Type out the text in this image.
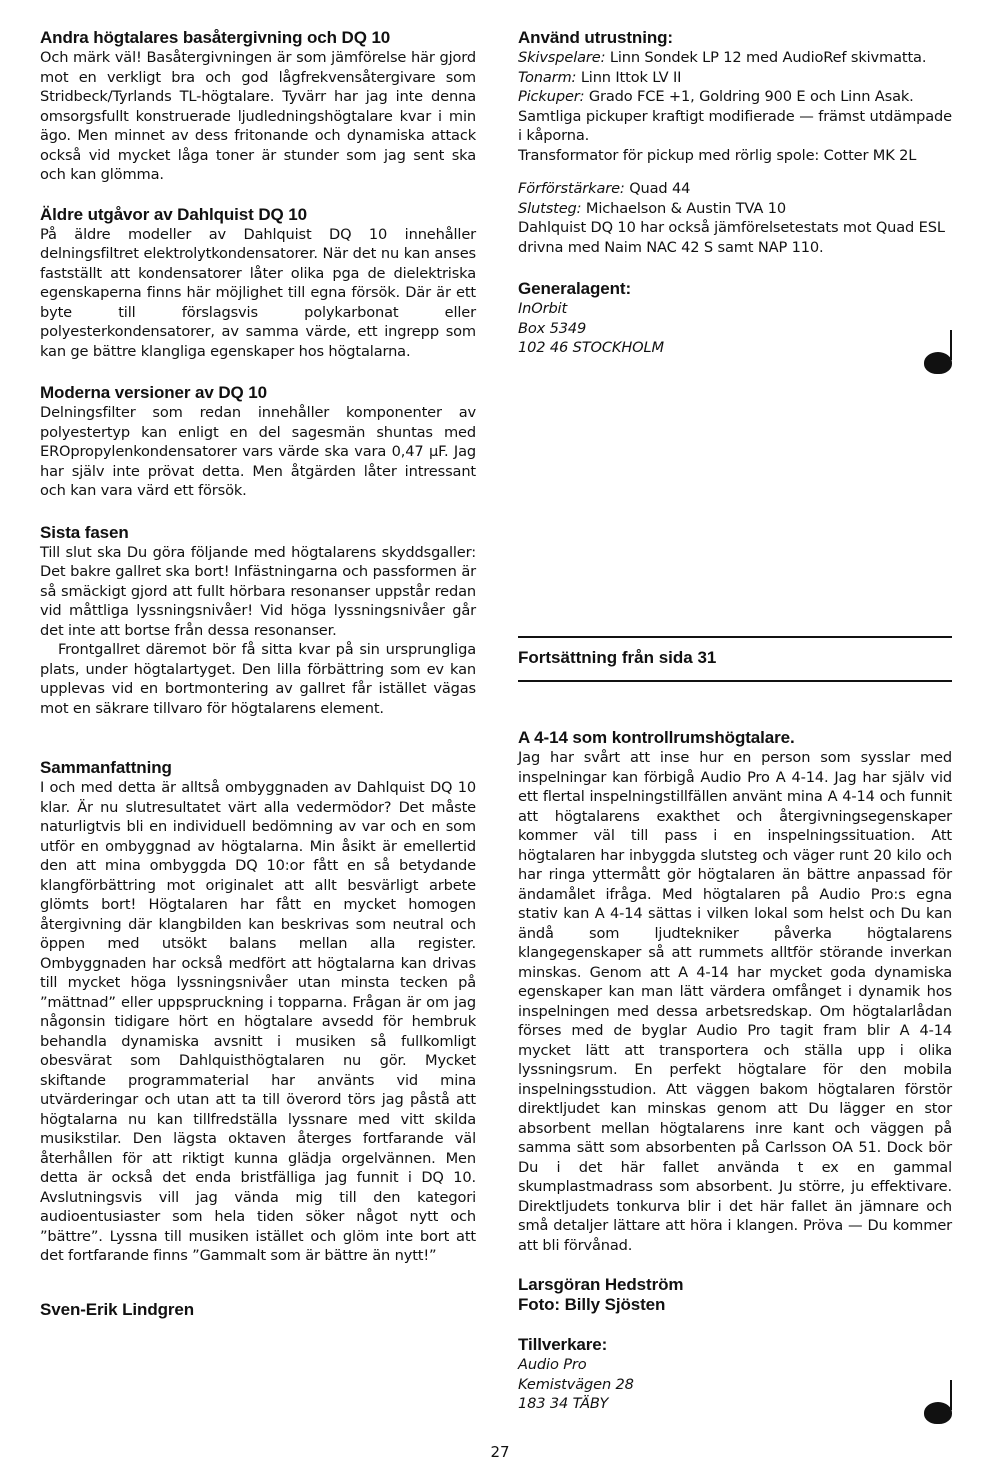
Andra högtalares basåtergivning och DQ 10

Och märk väl! Basåtergivningen är som jämförelse här gjord mot en verkligt bra och god lågfrekvensåtergivare som Stridbeck/Tyrlands TL-högtalare. Tyvärr har jag inte denna omsorgsfullt konstruerade ljudledningshögtalare kvar i min ägo. Men minnet av dess fritonande och dynamiska attack också vid mycket låga toner är stunder som jag sent ska och kan glömma.

Äldre utgåvor av Dahlquist DQ 10

På äldre modeller av Dahlquist DQ 10 innehåller delningsfiltret elektrolytkondensatorer. När det nu kan anses fastställt att kondensatorer låter olika pga de dielektriska egenskaperna finns här möjlighet till egna försök. Där är ett byte till förslagsvis polykarbonat eller polyesterkondensatorer, av samma värde, ett ingrepp som kan ge bättre klangliga egenskaper hos högtalarna.

Moderna versioner av DQ 10

Delningsfilter som redan innehåller komponenter av polyestertyp kan enligt en del sagesmän shuntas med EROpropylenkondensatorer vars värde ska vara 0,47 µF. Jag har själv inte prövat detta. Men åtgärden låter intressant och kan vara värd ett försök.

Sista fasen

Till slut ska Du göra följande med högtalarens skyddsgaller: Det bakre gallret ska bort! Infästningarna och passformen är så smäckigt gjord att fullt hörbara resonanser uppstår redan vid måttliga lyssningsnivåer! Vid höga lyssningsnivåer går det inte att bortse från dessa resonanser.

Frontgallret däremot bör få sitta kvar på sin ursprungliga plats, under högtalartyget. Den lilla förbättring som ev kan upplevas vid en bortmontering av gallret får istället vägas mot en säkrare tillvaro för högtalarens element.

Sammanfattning

I och med detta är alltså ombyggnaden av Dahlquist DQ 10 klar. Är nu slutresultatet värt alla vedermödor? Det måste naturligtvis bli en individuell bedömning av var och en som utför en ombyggnad av högtalarna. Min åsikt är emellertid den att mina ombyggda DQ 10:or fått en så betydande klangförbättring mot originalet att allt besvärligt arbete glömts bort! Högtalaren har fått en mycket homogen återgivning där klangbilden kan beskrivas som neutral och öppen med utsökt balans mellan alla register. Ombyggnaden har också medfört att högtalarna kan drivas till mycket höga lyssningsnivåer utan minsta tecken på ”mättnad” eller uppspruckning i topparna. Frågan är om jag någonsin tidigare hört en högtalare avsedd för hembruk behandla dynamiska avsnitt i musiken så fullkomligt obesvärat som Dahlquisthögtalaren nu gör. Mycket skiftande programmaterial har använts vid mina utvärderingar och utan att ta till överord törs jag påstå att högtalarna nu kan tillfredställa lyssnare med vitt skilda musikstilar. Den lägsta oktaven återges fortfarande väl återhållen för att riktigt kunna glädja orgelvännen. Men detta är också det enda bristfälliga jag funnit i DQ 10. Avslutningsvis vill jag vända mig till den kategori audioentusiaster som hela tiden söker något nytt och ”bättre”. Lyssna till musiken istället och glöm inte bort att det fortfarande finns ”Gammalt som är bättre än nytt!”

Sven-Erik Lindgren
Använd utrustning:

Skivspelare: Linn Sondek LP 12 med AudioRef skivmatta.

Tonarm: Linn Ittok LV II

Pickuper: Grado FCE +1, Goldring 900 E och Linn Asak.

Samtliga pickuper kraftigt modifierade — främst utdämpade i kåporna.

Transformator för pickup med rörlig spole: Cotter MK 2L

Förförstärkare: Quad 44

Slutsteg: Michaelson & Austin TVA 10

Dahlquist DQ 10 har också jämförelsetestats mot Quad ESL drivna med Naim NAC 42 S samt NAP 110.

Generalagent:

InOrbit

Box 5349

102 46 STOCKHOLM

Fortsättning från sida 31
A 4-14 som kontrollrumshögtalare.

Jag har svårt att inse hur en person som sysslar med inspelningar kan förbigå Audio Pro A 4-14. Jag har själv vid ett flertal inspelningstillfällen använt mina A 4-14 och funnit att högtalarens exakthet och återgivningsegenskaper kommer väl till pass i en inspelningssituation. Att högtalaren har inbyggda slutsteg och väger runt 20 kilo och har ringa yttermått gör högtalaren än bättre anpassad för ändamålet ifråga. Med högtalaren på Audio Pro:s egna stativ kan A 4-14 sättas i vilken lokal som helst och Du kan ändå som ljudtekniker påverka högtalarens klangegenskaper så att rummets alltför störande inverkan minskas. Genom att A 4-14 har mycket goda dynamiska egenskaper kan man lätt värdera omfånget i dynamik hos inspelningen med dessa arbetsredskap. Om högtalarlådan förses med de byglar Audio Pro tagit fram blir A 4-14 mycket lätt att transportera och ställa upp i olika lyssningsrum. En perfekt högtalare för den mobila inspelningsstudion. Att väggen bakom högtalaren förstör direktljudet kan minskas genom att Du lägger en stor absorbent mellan högtalarens inre kant och väggen på samma sätt som absorbenten på Carlsson OA 51. Dock bör Du i det här fallet använda t ex en gammal skumplastmadrass som absorbent. Ju större, ju effektivare. Direktljudets tonkurva blir i det här fallet än jämnare och små detaljer lättare att höra i klangen. Pröva — Du kommer att bli förvånad.

Larsgöran Hedström
Foto: Billy Sjösten
Tillverkare:

Audio Pro

Kemistvägen 28

183 34 TÄBY

27
